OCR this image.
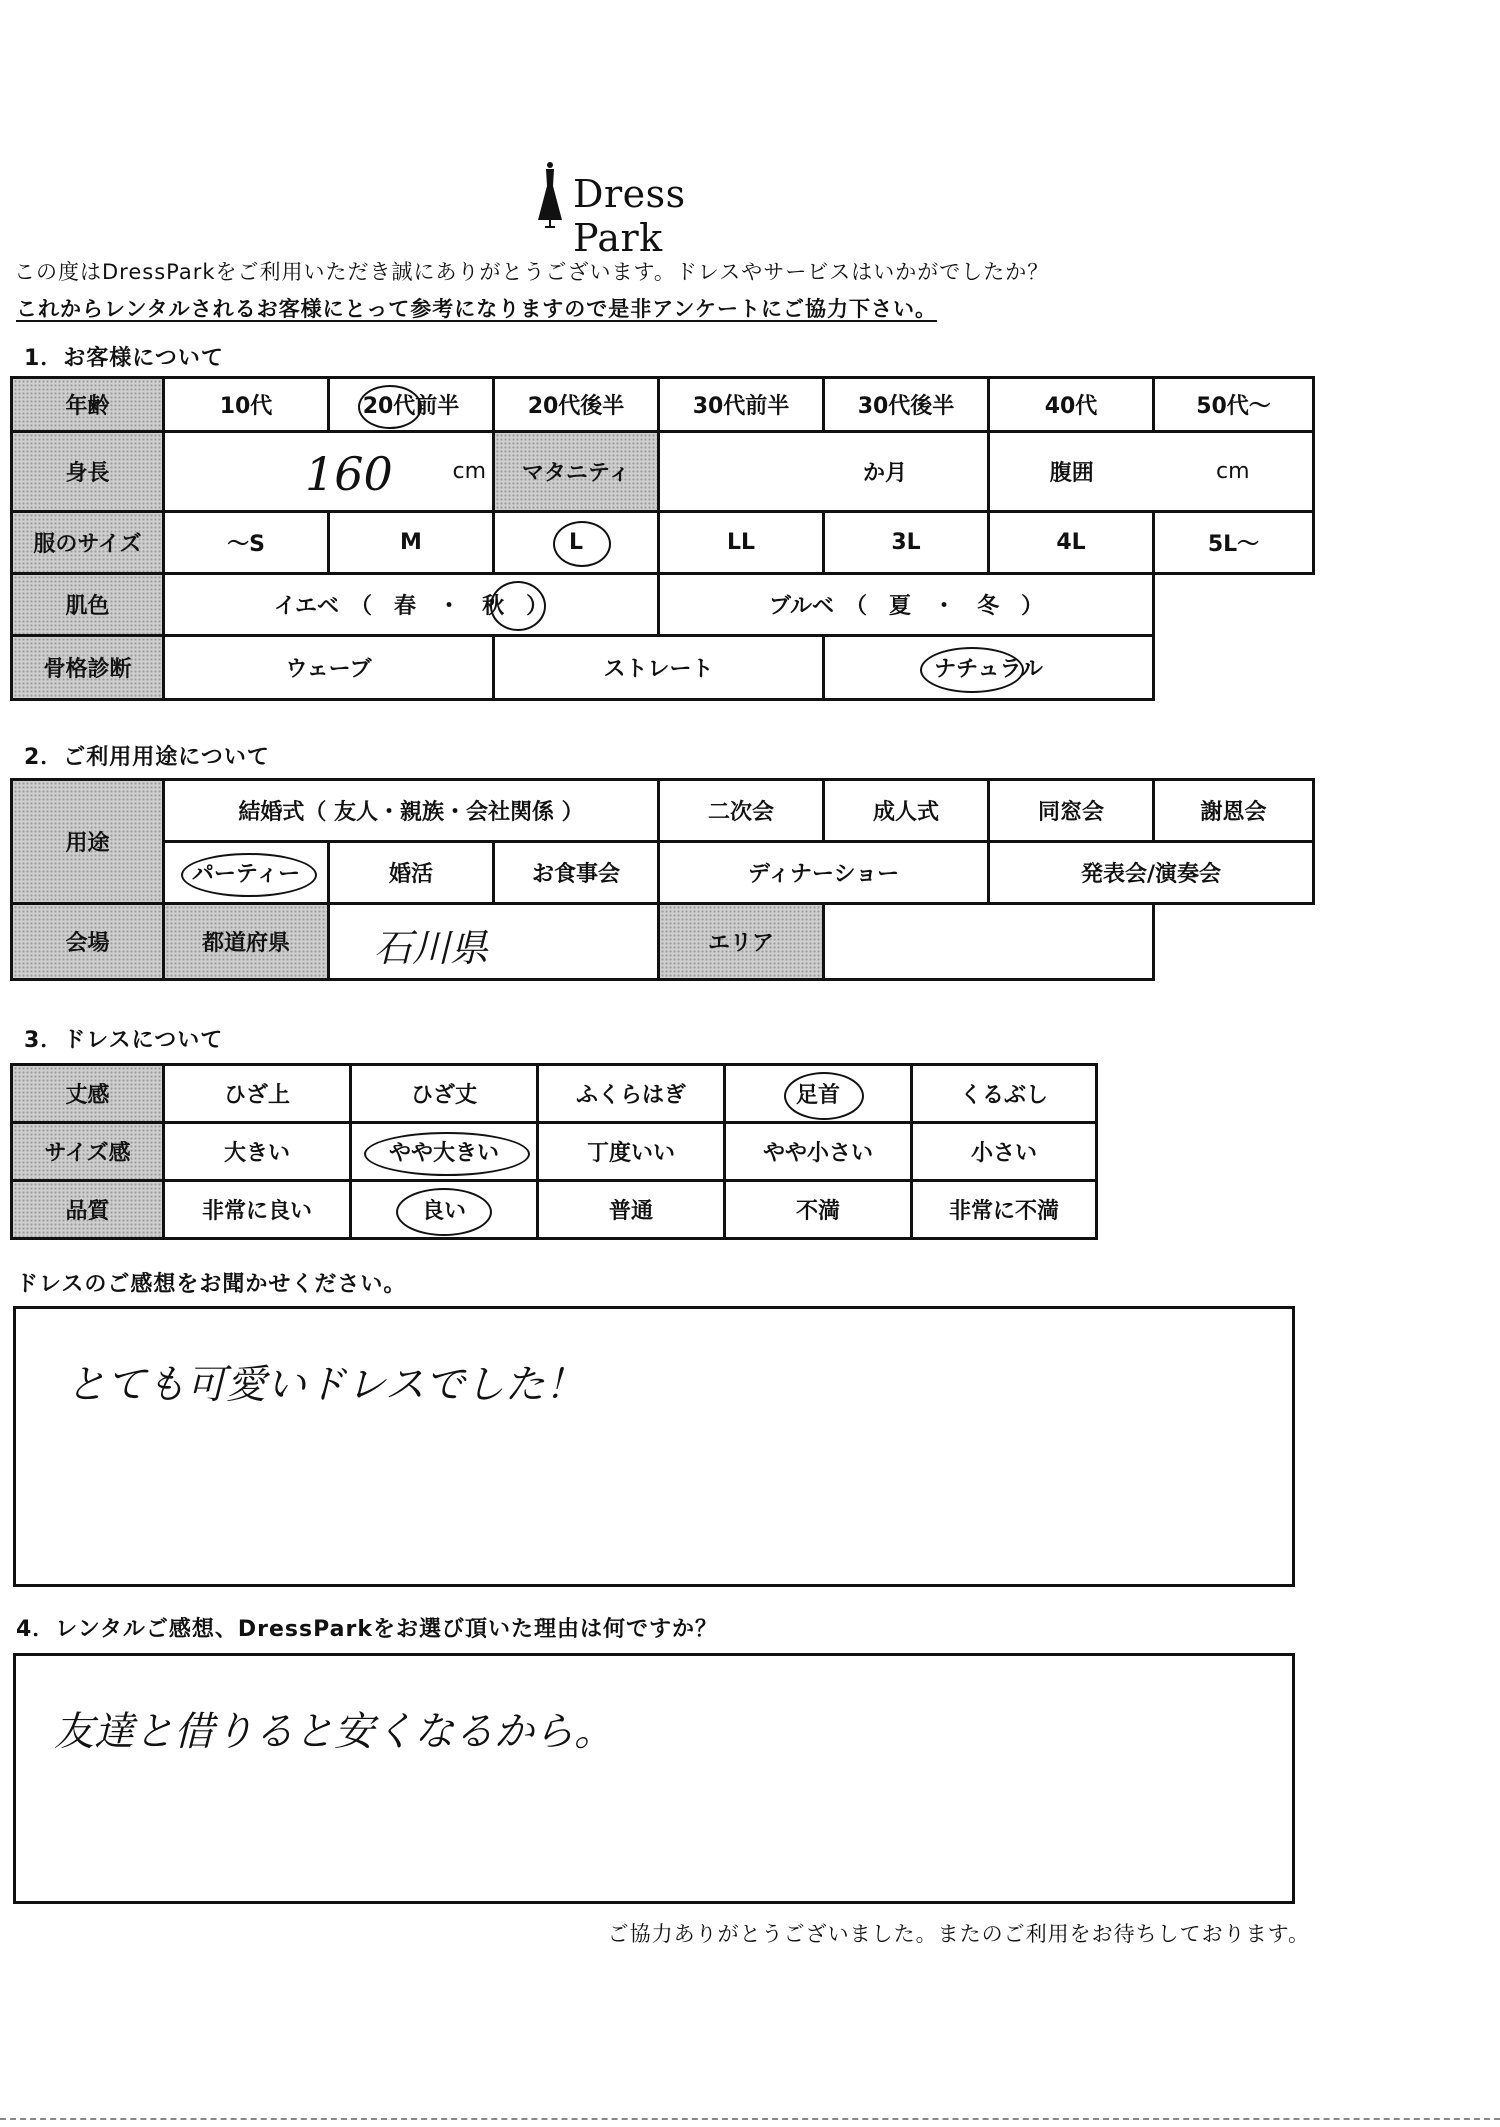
Dress Park
この度はDressParkをご利用いただき誠にありがとうございます。ドレスやサービスはいかがでしたか？
これからレンタルされるお客様にとって参考になりますので是非アンケートにご協力下さい。
1．お客様について
年齢	10代	20代前半	20代後半	30代前半	30代後半	40代	50代～
身長	160 cm		マタニティ	か月		腹囲	cm
服のサイズ	～S	M	L	LL	3L	4L	5L～
肌色	イエベ　（　春　・　秋　）			ブルベ　（　夏　・　冬　）			
骨格診断	ウェーブ		ストレート		ナチュラル	

2．ご利用用途について
用途	結婚式（ 友人・親族・会社関係 ）			二次会	成人式	同窓会	謝恩会	
	パーティー	婚活	お食事会	ディナーショー		発表会/演奏会		
会場	都道府県	石川県		エリア				
3．ドレスについて
丈感	ひざ上	ひざ丈	ふくらはぎ	足首	くるぶし
サイズ感	大きい	やや大きい	丁度いい	やや小さい	小さい
品質	非常に良い	良い	普通	不満	非常に不満
ドレスのご感想をお聞かせください。
とても可愛いドレスでした！
4．レンタルご感想、DressParkをお選び頂いた理由は何ですか？
友達と借りると安くなるから。
ご協力ありがとうございました。またのご利用をお待ちしております。
